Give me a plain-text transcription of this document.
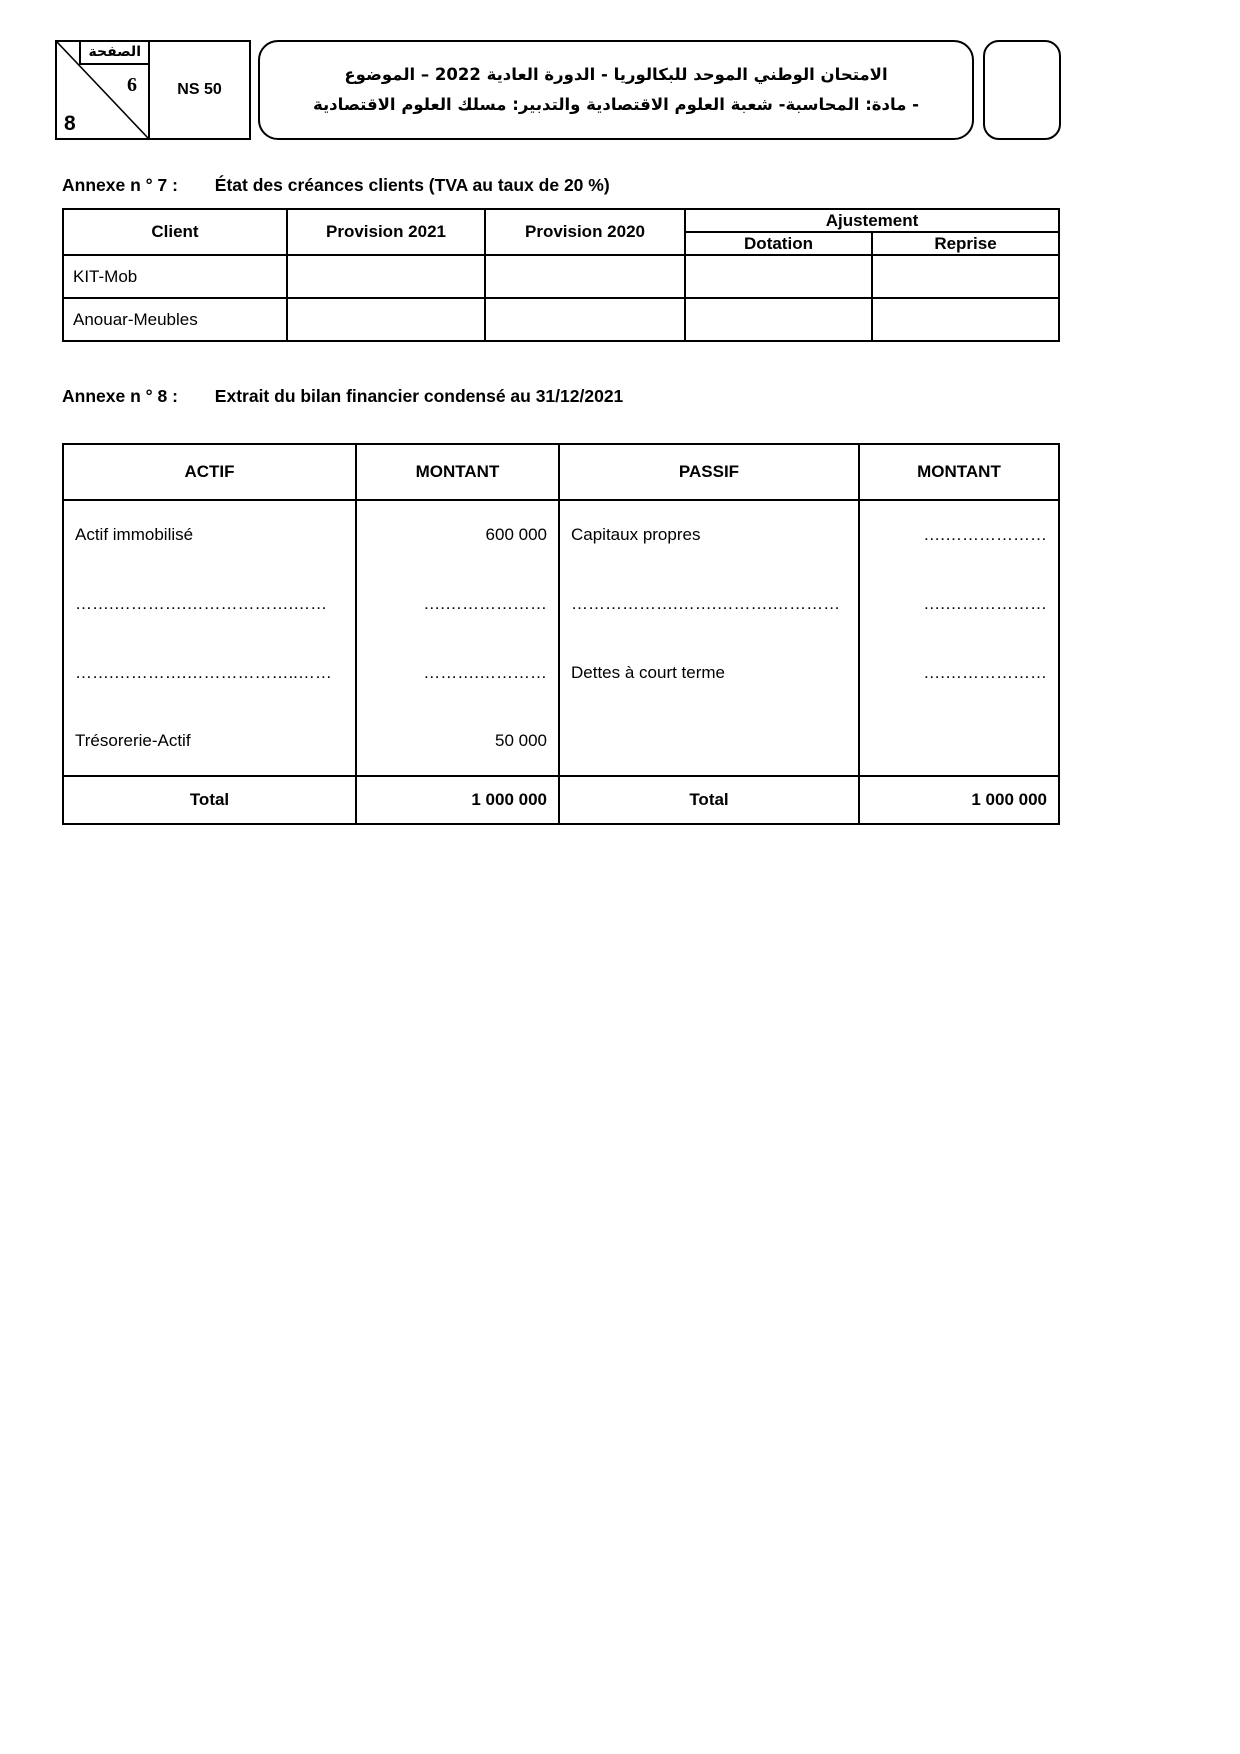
الصفحة
6
8
NS 50
الامتحان الوطني الموحد للبكالوريا - الدورة العادية 2022 – الموضوع
- مادة: المحاسبة- شعبة العلوم الاقتصادية والتدبير: مسلك العلوم الاقتصادية
Annexe n ° 7 : État des créances clients (TVA au taux de 20 %)
Client	Provision 2021	Provision 2020	Ajustement	
			Dotation	Reprise
KIT-Mob				
Anouar-Meubles				
Annexe n ° 8 : Extrait du bilan financier condensé au 31/12/2021
ACTIF	MONTANT	PASSIF	MONTANT
Actif immobilisé	600 000	Capitaux propres	….………………
…….………….……………….……	….………………	……………….…….……….…………	….………………
…….………….………………..……	……….…………	Dettes à court terme	….………………
Trésorerie-Actif	50 000		
Total	1 000 000	Total	1 000 000
